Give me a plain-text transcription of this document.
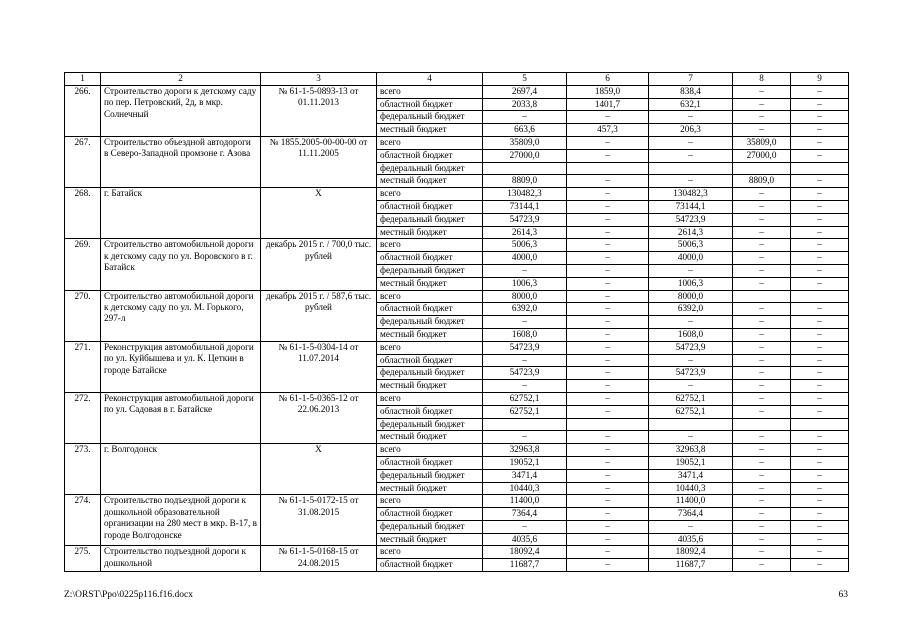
1	2	3	4	5	6	7	8	9
266.	Строительство дороги к детскому саду по пер. Петровский, 2д, в мкр. Солнечный	№ 61-1-5-0893-13 от 01.11.2013	всего	2697,4	1859,0	838,4	–	–
			областной бюджет	2033,8	1401,7	632,1	–	–
			федеральный бюджет	–	–	–	–	–
			местный бюджет	663,6	457,3	206,3	–	–
267.	Строительство объездной автодороги в Северо-Западной промзоне г. Азова	№ 1855.2005-00-00-00 от 11.11.2005	всего	35809,0	–	–	35809,0	–
			областной бюджет	27000,0	–	–	27000,0	–
			федеральный бюджет					
			местный бюджет	8809,0	–	–	8809,0	–
268.	г. Батайск	Х	всего	130482,3	–	130482,3	–	–
			областной бюджет	73144,1	–	73144,1	–	–
			федеральный бюджет	54723,9	–	54723,9	–	–
			местный бюджет	2614,3	–	2614,3	–	–
269.	Строительство автомобильной дороги к детскому саду по ул. Воровского в г. Батайск	декабрь 2015 г. / 700,0 тыс. рублей	всего	5006,3	–	5006,3	–	–
			областной бюджет	4000,0	–	4000,0	–	–
			федеральный бюджет	–	–	–	–	–
			местный бюджет	1006,3	–	1006,3	–	–
270.	Строительство автомобильной дороги к детскому саду по ул. М. Горького, 297-л	декабрь 2015 г. / 587,6 тыс. рублей	всего	8000,0	–	8000,0		
			областной бюджет	6392,0	–	6392,0	–	–
			федеральный бюджет	–	–	–	–	–
			местный бюджет	1608,0	–	1608,0	–	–
271.	Реконструкция автомобильной дороги по ул. Куйбышева и ул. К. Цеткин в городе Батайске	№ 61-1-5-0304-14 от 11.07.2014	всего	54723,9	–	54723,9	–	–
			областной бюджет	–	–	–	–	–
			федеральный бюджет	54723,9	–	54723,9	–	–
			местный бюджет	–	–	–	–	–
272.	Реконструкция автомобильной дороги по ул. Садовая в г. Батайске	№ 61-1-5-0365-12 от 22.06.2013	всего	62752,1	–	62752,1	–	–
			областной бюджет	62752,1	–	62752,1	–	–
			федеральный бюджет					
			местный бюджет	–	–	–	–	–
273.	г. Волгодонск	Х	всего	32963,8	–	32963,8	–	–
			областной бюджет	19052,1	–	19052,1	–	–
			федеральный бюджет	3471,4	–	3471,4	–	–
			местный бюджет	10440,3	–	10440,3	–	–
274.	Строительство подъездной дороги к дошкольной образовательной организации на 280 мест в мкр. В-17, в городе Волгодонске	№ 61-1-5-0172-15 от 31.08.2015	всего	11400,0	–	11400,0	–	–
			областной бюджет	7364,4	–	7364,4	–	–
			федеральный бюджет	–	–	–	–	–
			местный бюджет	4035,6	–	4035,6	–	–
275.	Строительство подъездной дороги к дошкольной	№ 61-1-5-0168-15 от 24.08.2015	всего	18092,4	–	18092,4	–	–
			областной бюджет	11687,7	–	11687,7	–	–
Z:\ORST\Ppo\0225p116.f16.docx	63
